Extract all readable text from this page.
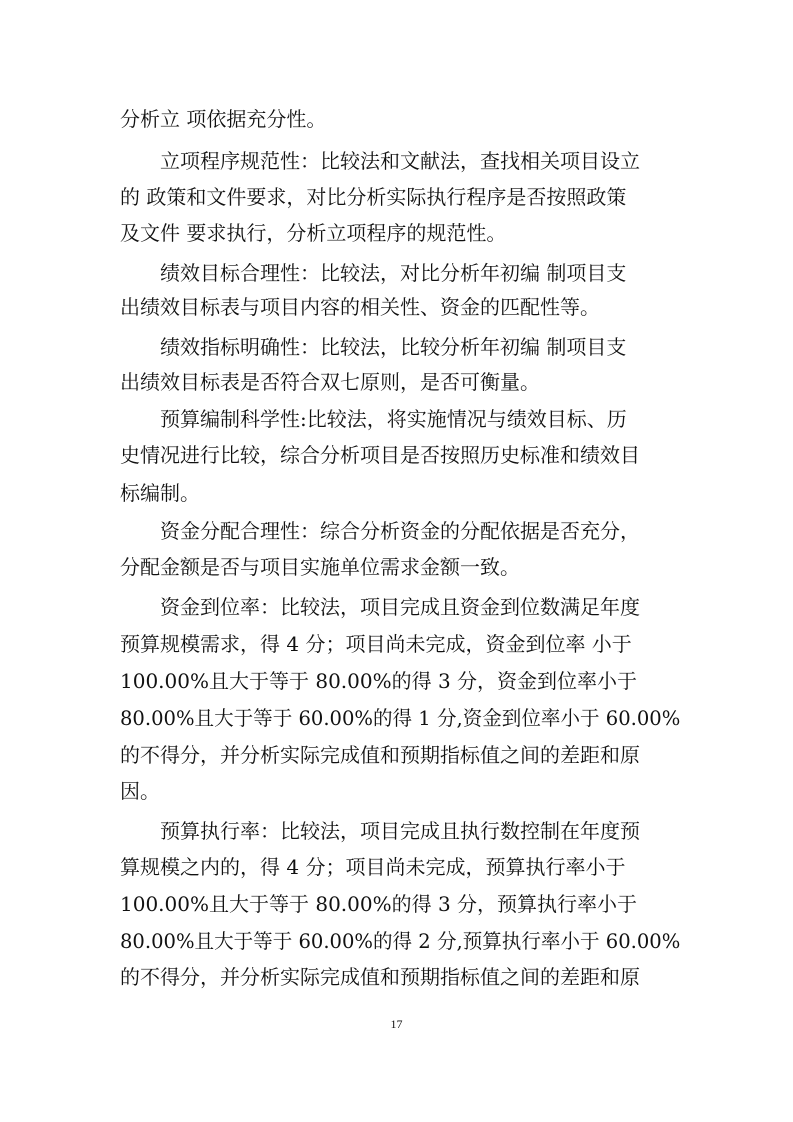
分析立 项依据充分性。
立项程序规范性：比较法和文献法，查找相关项目设立
的 政策和文件要求，对比分析实际执行程序是否按照政策
及文件 要求执行，分析立项程序的规范性。
绩效目标合理性：比较法，对比分析年初编 制项目支
出绩效目标表与项目内容的相关性、资金的匹配性等。
绩效指标明确性：比较法，比较分析年初编 制项目支
出绩效目标表是否符合双七原则，是否可衡量。
预算编制科学性:比较法，将实施情况与绩效目标、历
史情况进行比较，综合分析项目是否按照历史标准和绩效目
标编制。
资金分配合理性：综合分析资金的分配依据是否充分，
分配金额是否与项目实施单位需求金额一致。
资金到位率：比较法，项目完成且资金到位数满足年度
预算规模需求，得 4 分；项目尚未完成，资金到位率 小于
100.00%且大于等于 80.00%的得 3 分，资金到位率小于
80.00%且大于等于 60.00%的得 1 分,资金到位率小于 60.00%
的不得分，并分析实际完成值和预期指标值之间的差距和原
因。
预算执行率：比较法，项目完成且执行数控制在年度预
算规模之内的，得 4 分；项目尚未完成，预算执行率小于
100.00%且大于等于 80.00%的得 3 分，预算执行率小于
80.00%且大于等于 60.00%的得 2 分,预算执行率小于 60.00%
的不得分，并分析实际完成值和预期指标值之间的差距和原
17
